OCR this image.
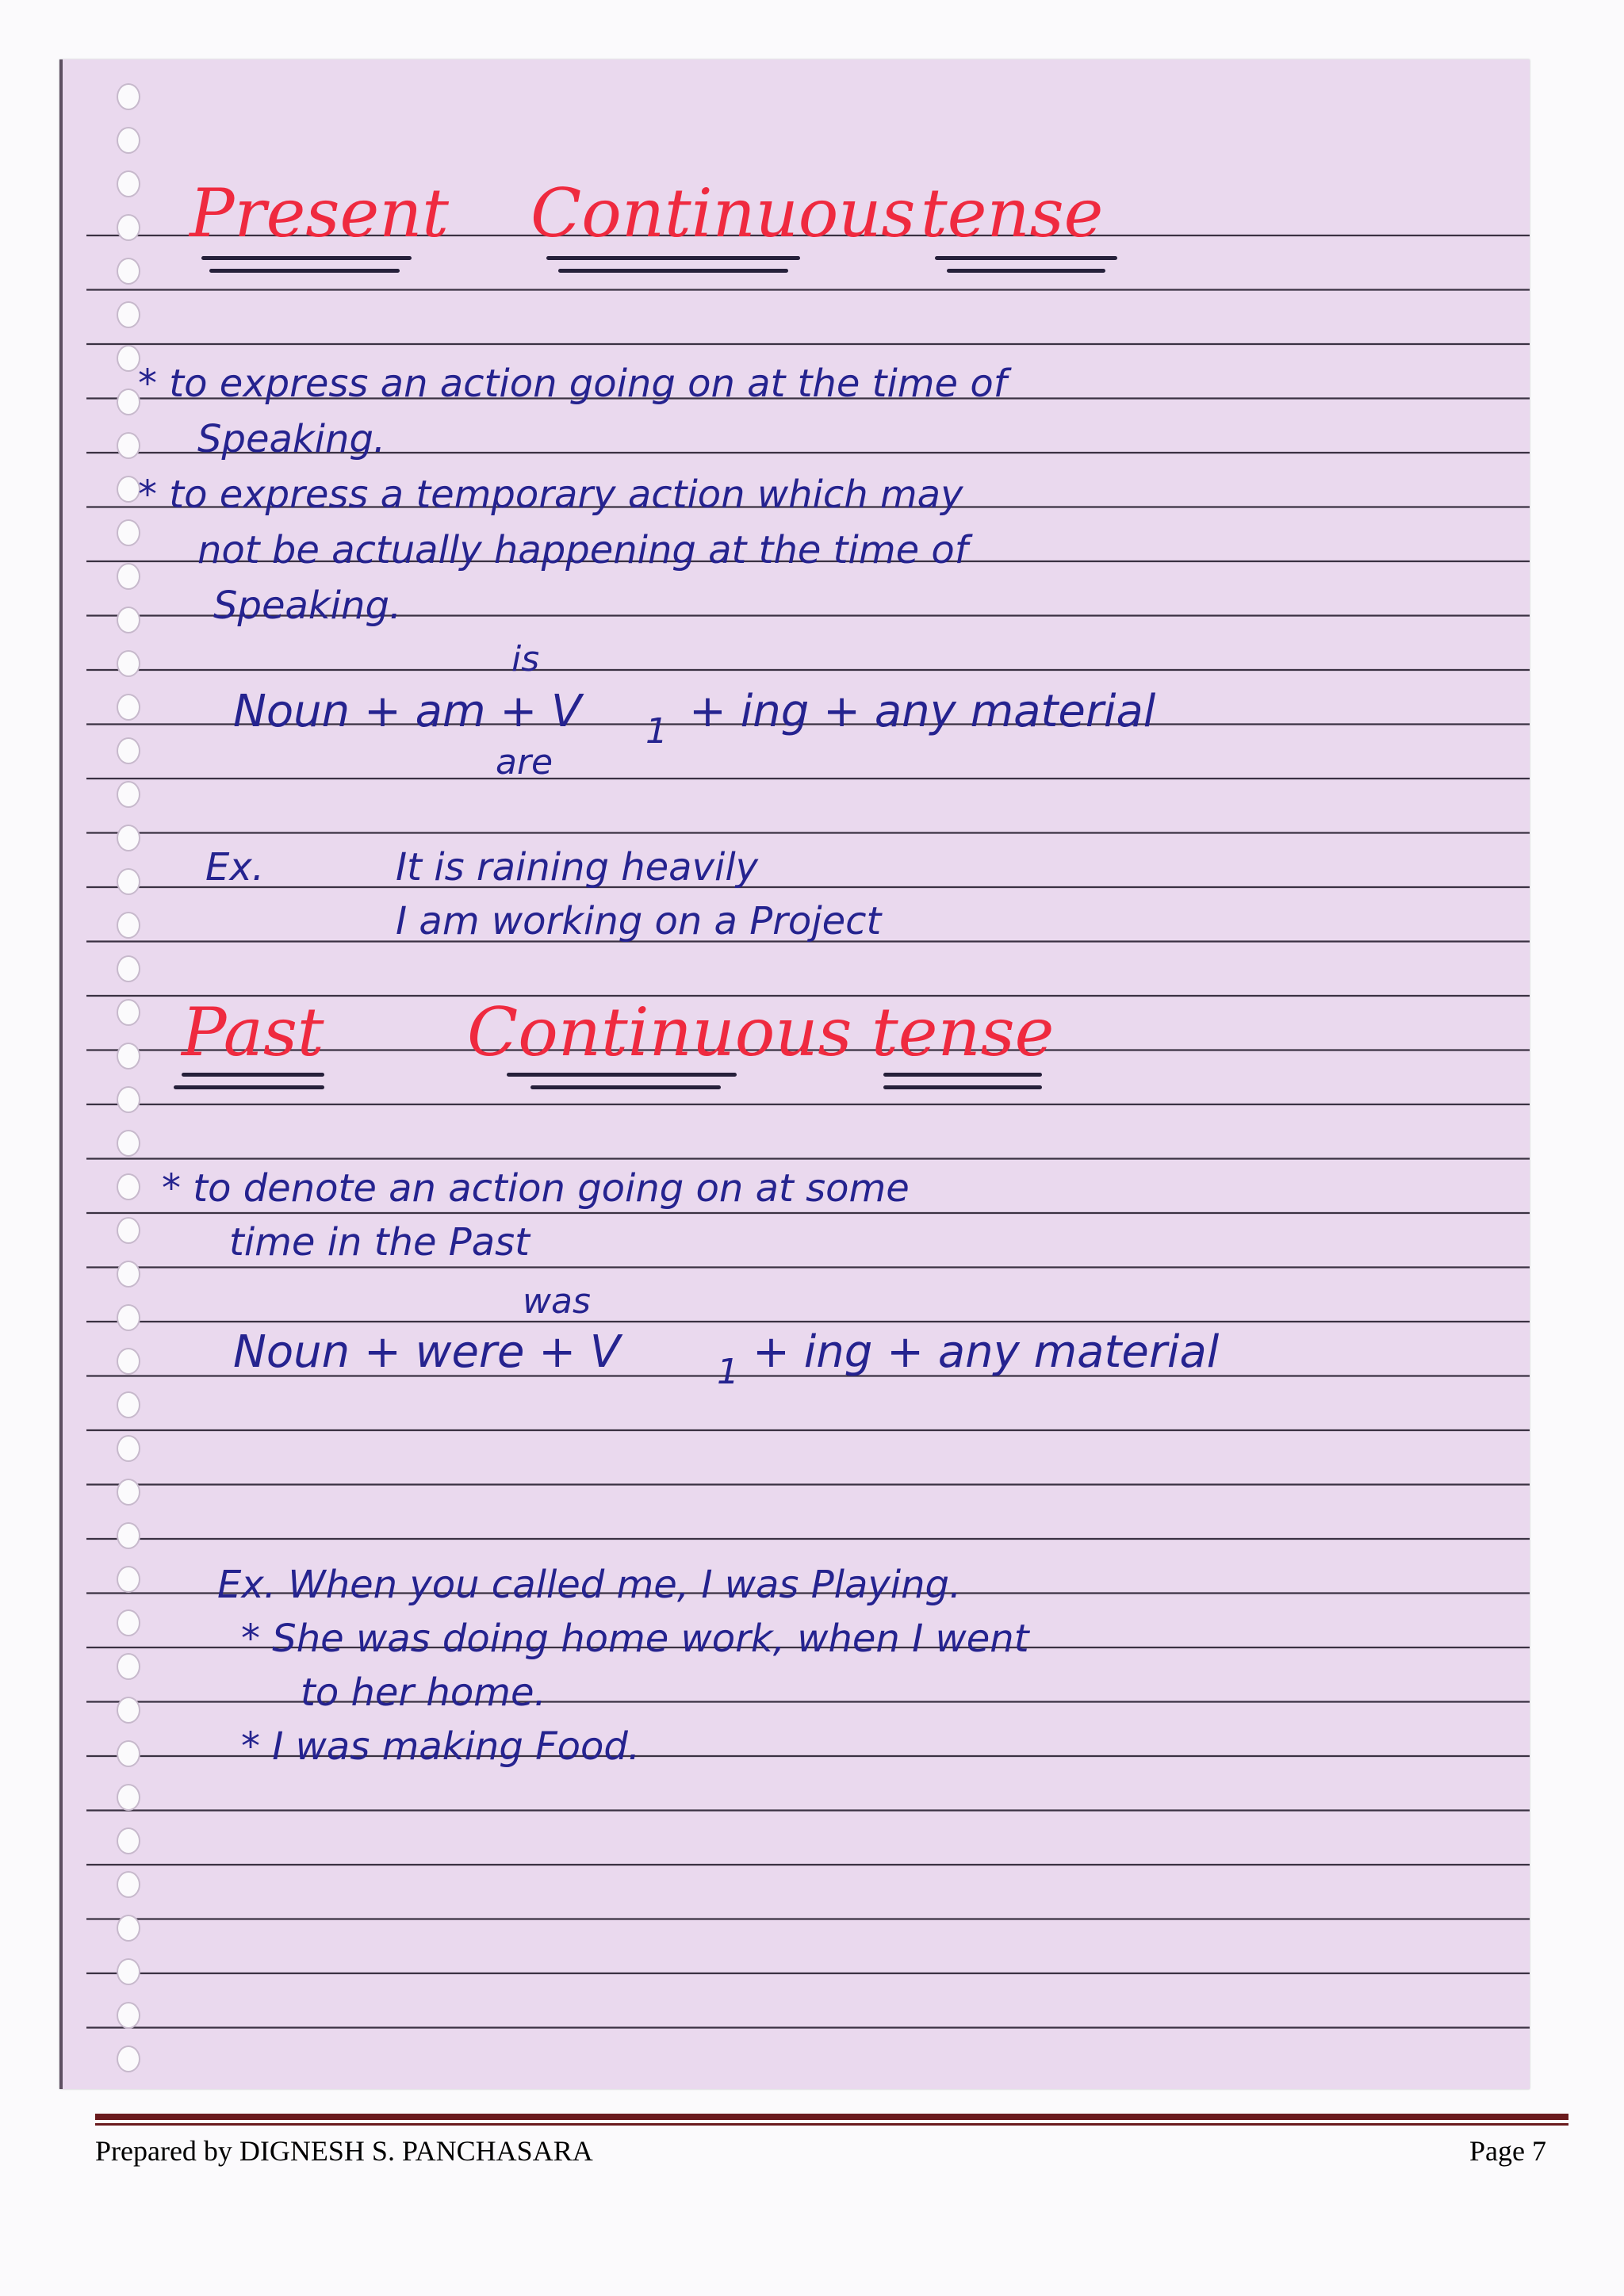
Present Continuous tense

* to express an action going on at the time of

Speaking.

* to express a temporary action which may

not be actually happening at the time of

Speaking.

is

Noun + am + V 1 + ing + any material

are

Ex.	It is raining heavily

I am working on a Project

Past Continuous tense

* to denote an action going on at some

time in the Past

was

Noun + were + V	1 + ing + any material

Ex. When you called me, I was Playing.

* She was doing home work, when I went

to her home.

* I was making Food.

Prepared by DIGNESH S. PANCHASARA	Page 7
